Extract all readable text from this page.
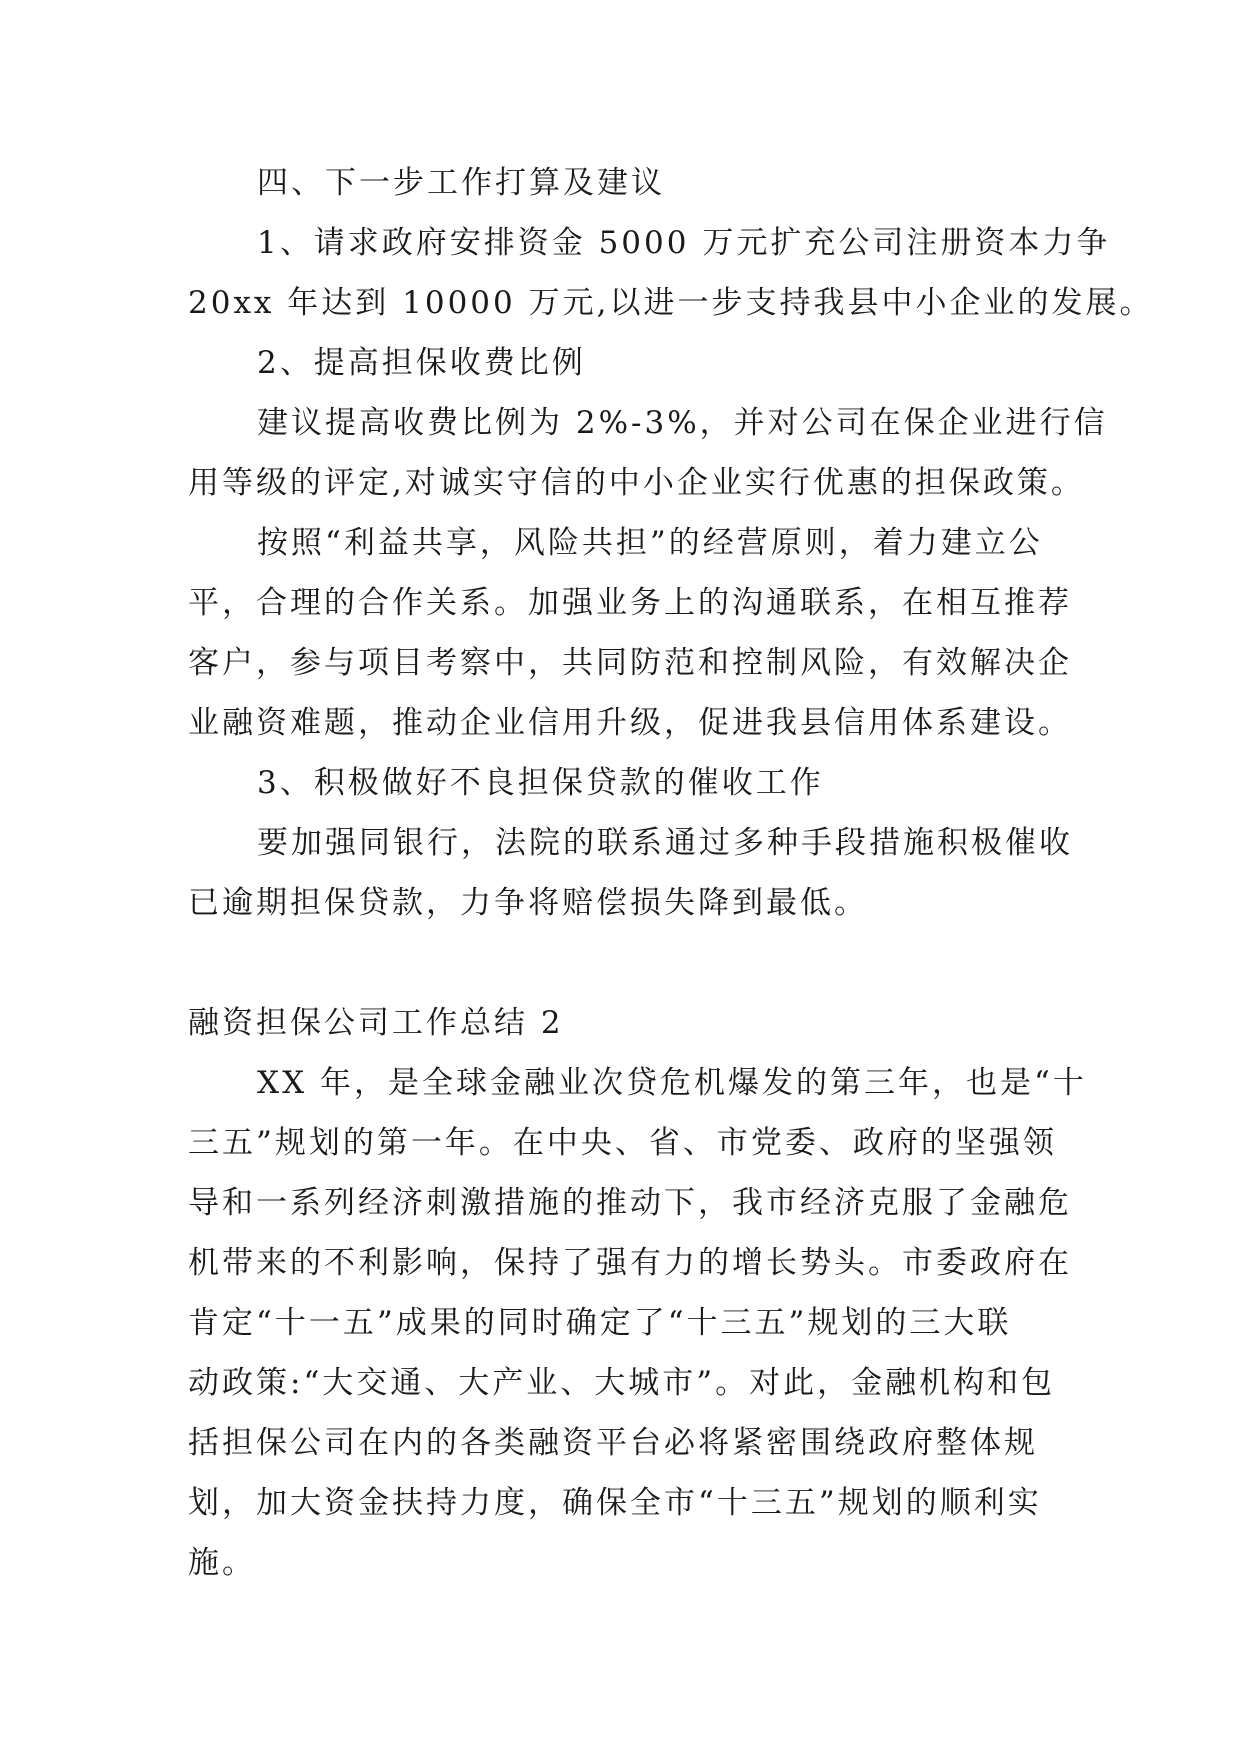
四、下一步工作打算及建议
1、请求政府安排资金 5000 万元扩充公司注册资本力争
20xx 年达到 10000 万元,以进一步支持我县中小企业的发展。
2、提高担保收费比例
建议提高收费比例为 2%-3%，并对公司在保企业进行信
用等级的评定,对诚实守信的中小企业实行优惠的担保政策。
按照“利益共享，风险共担”的经营原则，着力建立公
平，合理的合作关系。加强业务上的沟通联系，在相互推荐
客户，参与项目考察中，共同防范和控制风险，有效解决企
业融资难题，推动企业信用升级，促进我县信用体系建设。
3、积极做好不良担保贷款的催收工作
要加强同银行，法院的联系通过多种手段措施积极催收
已逾期担保贷款，力争将赔偿损失降到最低。
融资担保公司工作总结 2
XX 年，是全球金融业次贷危机爆发的第三年，也是“十
三五”规划的第一年。在中央、省、市党委、政府的坚强领
导和一系列经济刺激措施的推动下，我市经济克服了金融危
机带来的不利影响，保持了强有力的增长势头。市委政府在
肯定“十一五”成果的同时确定了“十三五”规划的三大联
动政策:“大交通、大产业、大城市”。对此，金融机构和包
括担保公司在内的各类融资平台必将紧密围绕政府整体规
划，加大资金扶持力度，确保全市“十三五”规划的顺利实
施。
